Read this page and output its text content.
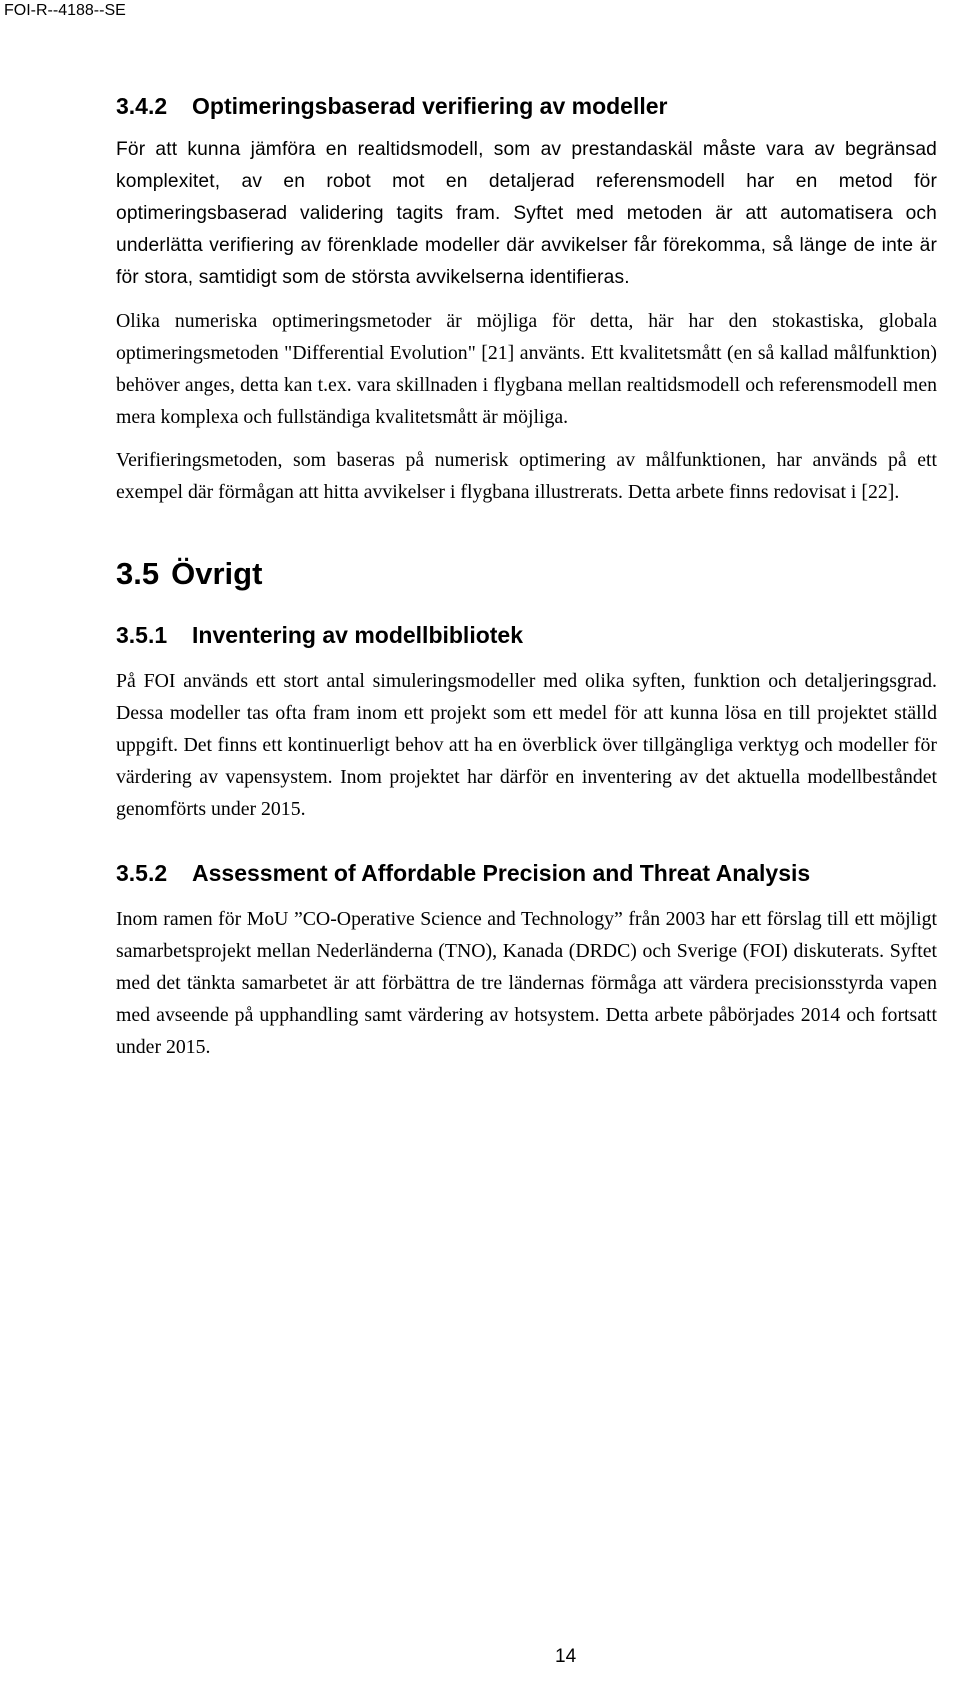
FOI-R--4188--SE
3.4.2	Optimeringsbaserad verifiering av modeller

För att kunna jämföra en realtidsmodell, som av prestandaskäl måste vara av begränsad komplexitet, av en robot mot en detaljerad referensmodell har en metod för optimeringsbaserad validering tagits fram. Syftet med metoden är att automatisera och underlätta verifiering av förenklade modeller där avvikelser får förekomma, så länge de inte är för stora, samtidigt som de största avvikelserna identifieras.

Olika numeriska optimeringsmetoder är möjliga för detta, här har den stokastiska, globala optimeringsmetoden "Differential Evolution" [21] använts. Ett kvalitetsmått (en så kallad målfunktion) behöver anges, detta kan t.ex. vara skillnaden i flygbana mellan realtidsmodell och referensmodell men mera komplexa och fullständiga kvalitetsmått är möjliga.

Verifieringsmetoden, som baseras på numerisk optimering av målfunktionen, har används på ett exempel där förmågan att hitta avvikelser i flygbana illustrerats. Detta arbete finns redovisat i [22].

3.5 Övrigt
3.5.1	Inventering av modellbibliotek

På FOI används ett stort antal simuleringsmodeller med olika syften, funktion och detaljeringsgrad. Dessa modeller tas ofta fram inom ett projekt som ett medel för att kunna lösa en till projektet ställd uppgift. Det finns ett kontinuerligt behov att ha en överblick över tillgängliga verktyg och modeller för värdering av vapensystem. Inom projektet har därför en inventering av det aktuella modellbeståndet genomförts under 2015.

3.5.2	Assessment of Affordable Precision and Threat Analysis

Inom ramen för MoU ”CO-Operative Science and Technology” från 2003 har ett förslag till ett möjligt samarbetsprojekt mellan Nederländerna (TNO), Kanada (DRDC) och Sverige (FOI) diskuterats. Syftet med det tänkta samarbetet är att förbättra de tre ländernas förmåga att värdera precisionsstyrda vapen med avseende på upphandling samt värdering av hotsystem. Detta arbete påbörjades 2014 och fortsatt under 2015.

14
